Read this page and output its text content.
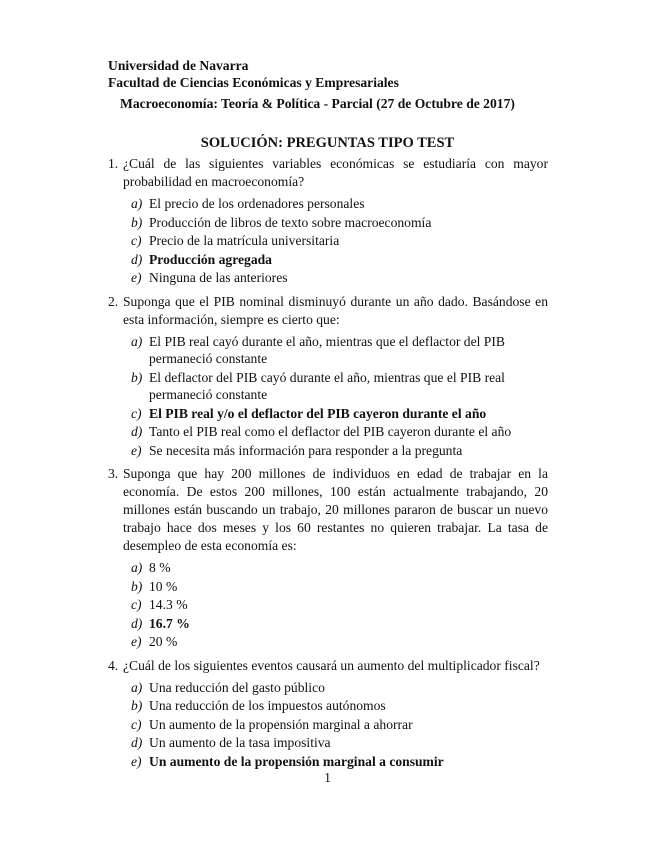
Universidad de Navarra
Facultad de Ciencias Económicas y Empresariales
Macroeconomía: Teoría & Política - Parcial (27 de Octubre de 2017)
SOLUCIÓN: PREGUNTAS TIPO TEST
1. ¿Cuál de las siguientes variables económicas se estudiaría con mayor probabilidad en macroeconomía?
a) El precio de los ordenadores personales
b) Producción de libros de texto sobre macroeconomía
c) Precio de la matrícula universitaria
d) Producción agregada
e) Ninguna de las anteriores
2. Suponga que el PIB nominal disminuyó durante un año dado. Basándose en esta información, siempre es cierto que:
a) El PIB real cayó durante el año, mientras que el deflactor del PIB permaneció constante
b) El deflactor del PIB cayó durante el año, mientras que el PIB real permaneció constante
c) El PIB real y/o el deflactor del PIB cayeron durante el año
d) Tanto el PIB real como el deflactor del PIB cayeron durante el año
e) Se necesita más información para responder a la pregunta
3. Suponga que hay 200 millones de individuos en edad de trabajar en la economía. De estos 200 millones, 100 están actualmente trabajando, 20 millones están buscando un trabajo, 20 millones pararon de buscar un nuevo trabajo hace dos meses y los 60 restantes no quieren trabajar. La tasa de desempleo de esta economía es:
a) 8 %
b) 10 %
c) 14.3 %
d) 16.7 %
e) 20 %
4. ¿Cuál de los siguientes eventos causará un aumento del multiplicador fiscal?
a) Una reducción del gasto público
b) Una reducción de los impuestos autónomos
c) Un aumento de la propensión marginal a ahorrar
d) Un aumento de la tasa impositiva
e) Un aumento de la propensión marginal a consumir
1
